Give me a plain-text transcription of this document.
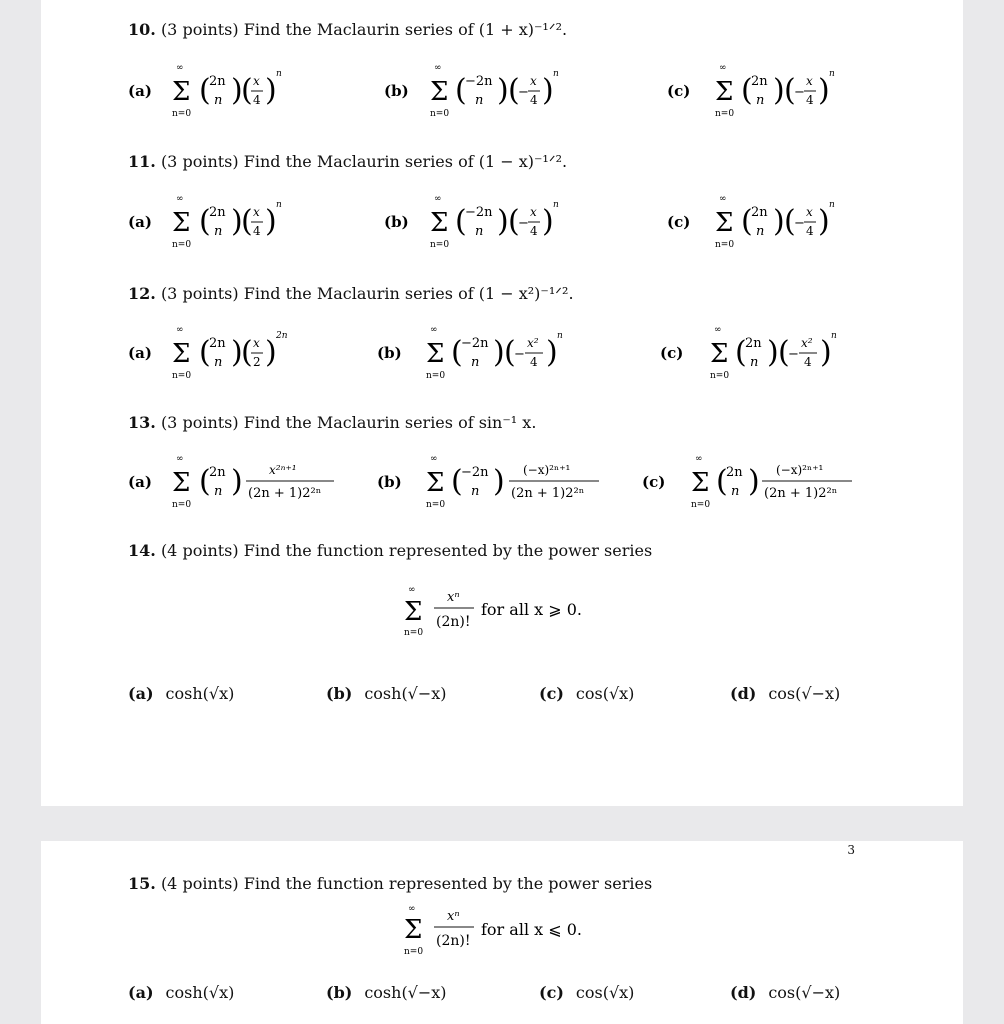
10. (3 points) Find the Maclaurin series of (1 + x)⁻¹ᐟ².
11. (3 points) Find the Maclaurin series of (1 − x)⁻¹ᐟ².
12. (3 points) Find the Maclaurin series of (1 − x²)⁻¹ᐟ².
13. (3 points) Find the Maclaurin series of sin⁻¹ x.
14. (4 points) Find the function represented by the power series
(a)
∞
Σ
n=0
(
2n
n )
( x
4 ) n
(b)
∞
Σ
n=0
(
−2n
n ) (
−
x
4 ) n
(c)
∞
Σ
n=0
(
2n
n ) (
−
x
4 ) n
(a)
∞
Σ
n=0
(
2n
n )
( x
4 ) n
(b)
∞
Σ
n=0
(
−2n
n ) (
−
x
4 ) n
(c)
∞
Σ
n=0
(
2n
n ) (
−
x
4 ) n
(a)
∞
Σ
n=0
(
2n
n )
( x
2 ) 2n
(b)
∞
Σ
n=0
(
−2n
n ) (
−
x²
4 ) n
(c)
∞
Σ
n=0
(
2n
n ) (
−
x²
4 ) n
(a)
∞
Σ
n=0
(
2n
n ) x²ⁿ⁺¹
(2n + 1)2²ⁿ
(b)
∞
Σ
n=0
(
−2n
n ) (−x)²ⁿ⁺¹
(2n + 1)2²ⁿ
(c)
∞
Σ
n=0
(
2n
n ) (−x)²ⁿ⁺¹
(2n + 1)2²ⁿ
∞
Σ
n=0
xⁿ
(2n)!
for all x ⩾ 0.
(a) cosh(√x)	(b) cosh(√−x)	(c) cos(√x)	(d) cos(√−x)
3
15. (4 points) Find the function represented by the power series
∞
Σ
n=0
xⁿ
(2n)!
for all x ⩽ 0.
(a) cosh(√x)	(b) cosh(√−x)	(c) cos(√x)	(d) cos(√−x)
